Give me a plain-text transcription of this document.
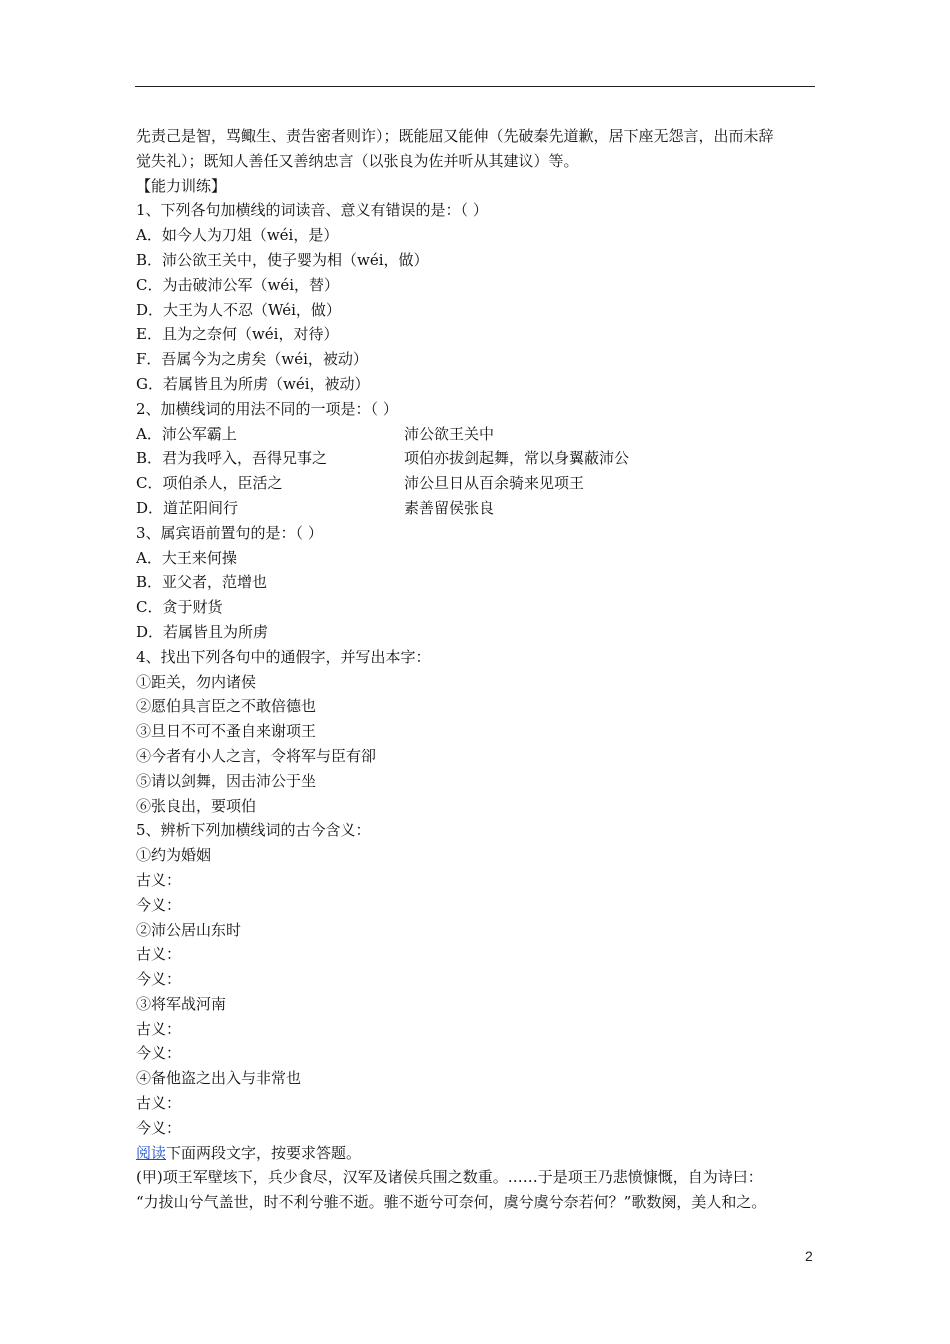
先责己是智，骂鲰生、责告密者则诈）；既能屈又能伸（先破秦先道歉，居下座无怨言，出而未辞
觉失礼）；既知人善任又善纳忠言（以张良为佐并听从其建议）等。
【能力训练】
1、下列各句加横线的词读音、意义有错误的是：（ ）
A．如今人为刀俎（wéi，是）
B．沛公欲王关中，使子婴为相（wéi，做）
C．为击破沛公军（wéi，替）
D．大王为人不忍（Wéi，做）
E．且为之奈何（wéi，对待）
F．吾属今为之虏矣（wéi，被动）
G．若属皆且为所虏（wéi，被动）
2、加横线词的用法不同的一项是：（ ）
A．沛公军霸上	沛公欲王关中
B．君为我呼入，吾得兄事之	项伯亦拔剑起舞，常以身翼蔽沛公
C．项伯杀人，臣活之	沛公旦日从百余骑来见项王
D．道芷阳间行	素善留侯张良
3、属宾语前置句的是：（ ）
A．大王来何操
B．亚父者，范增也
C．贪于财货
D．若属皆且为所虏
4、找出下列各句中的通假字，并写出本字：
①距关，勿内诸侯
②愿伯具言臣之不敢倍德也
③旦日不可不蚤自来谢项王
④今者有小人之言，令将军与臣有卻
⑤请以剑舞，因击沛公于坐
⑥张良出，要项伯
5、辨析下列加横线词的古今含义：
①约为婚姻
古义：
今义：
②沛公居山东时
古义：
今义：
③将军战河南
古义：
今义：
④备他盗之出入与非常也
古义：
今义：
阅读下面两段文字，按要求答题。
(甲)项王军壁垓下，兵少食尽，汉军及诸侯兵围之数重。……于是项王乃悲愤慷慨，自为诗曰：
“力拔山兮气盖世，时不利兮骓不逝。骓不逝兮可奈何，虞兮虞兮奈若何？”歌数阕，美人和之。
2
